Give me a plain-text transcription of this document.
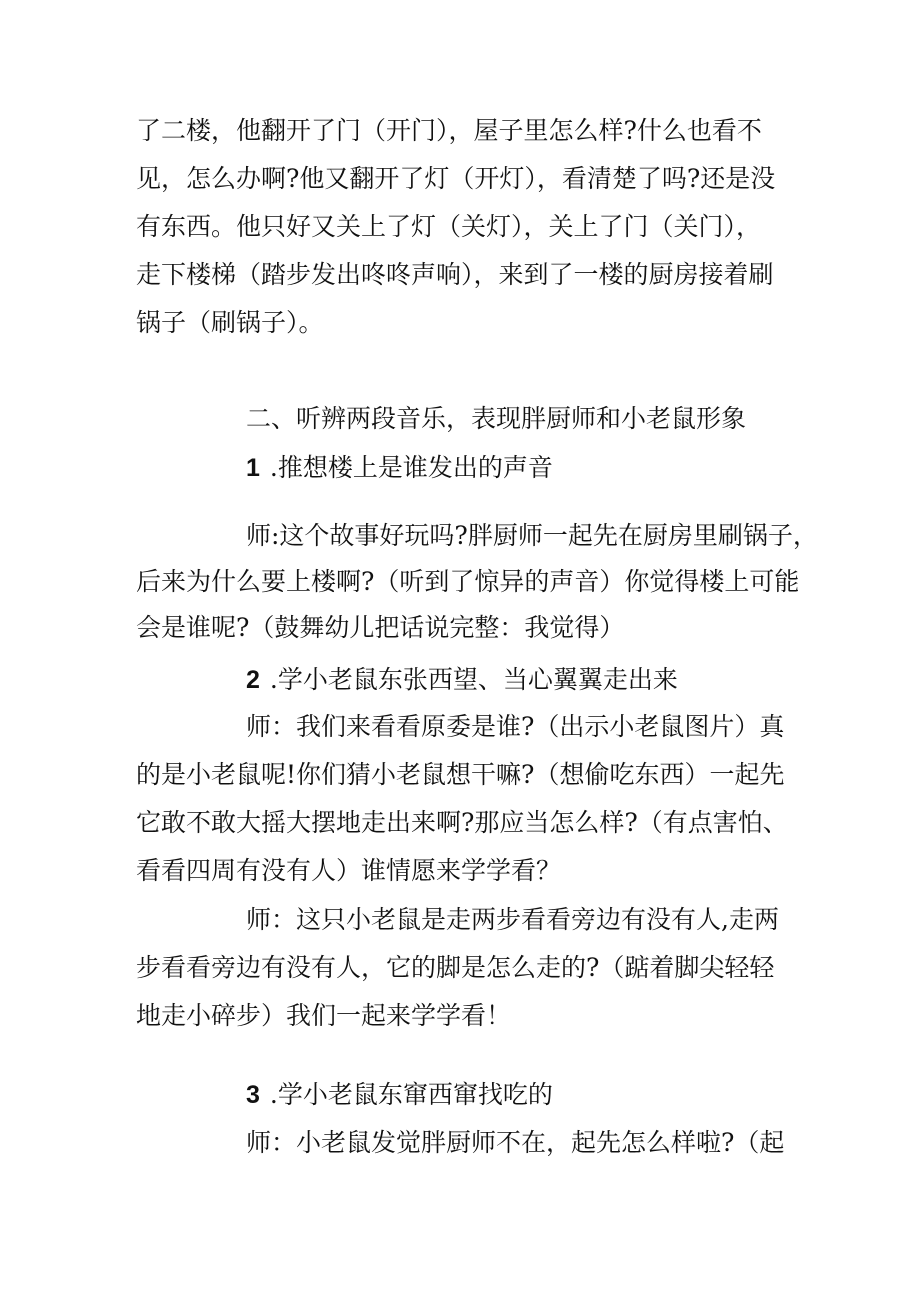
了二楼，他翻开了门（开门），屋子里怎么样?什么也看不
见，怎么办啊?他又翻开了灯（开灯），看清楚了吗?还是没
有东西。他只好又关上了灯（关灯），关上了门（关门），
走下楼梯（踏步发出咚咚声响），来到了一楼的厨房接着刷
锅子（刷锅子）。
二、听辨两段音乐，表现胖厨师和小老鼠形象
1 .推想楼上是谁发出的声音
师:这个故事好玩吗?胖厨师一起先在厨房里刷锅子，
后来为什么要上楼啊?（听到了惊异的声音）你觉得楼上可能
会是谁呢?（鼓舞幼儿把话说完整：我觉得）
2 .学小老鼠东张西望、当心翼翼走出来
师：我们来看看原委是谁?（出示小老鼠图片）真
的是小老鼠呢!你们猜小老鼠想干嘛?（想偷吃东西）一起先
它敢不敢大摇大摆地走出来啊?那应当怎么样?（有点害怕、
看看四周有没有人）谁情愿来学学看？
师：这只小老鼠是走两步看看旁边有没有人,走两
步看看旁边有没有人，它的脚是怎么走的?（踮着脚尖轻轻
地走小碎步）我们一起来学学看！
3 .学小老鼠东窜西窜找吃的
师：小老鼠发觉胖厨师不在，起先怎么样啦?（起
